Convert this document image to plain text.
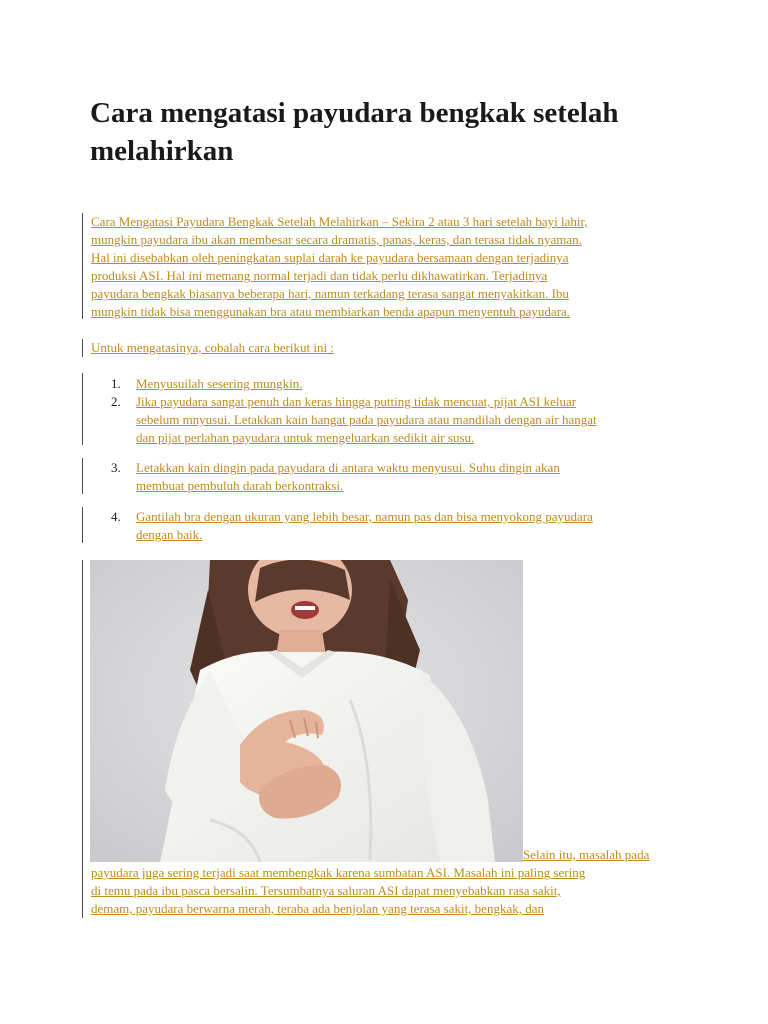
Cara mengatasi payudara bengkak setelah melahirkan
Cara Mengatasi Payudara Bengkak Setelah Melahirkan – Sekira 2 atau 3 hari setelah bayi lahir,
mungkin payudara ibu akan membesar secara dramatis, panas, keras, dan terasa tidak nyaman.
Hal ini disebabkan oleh peningkatan suplai darah ke payudara bersamaan dengan terjadinya
produksi ASI. Hal ini memang normal terjadi dan tidak perlu dikhawatirkan. Terjadinya
payudara bengkak biasanya beberapa hari, namun terkadang terasa sangat menyakitkan. Ibu
mungkin tidak bisa menggunakan bra atau membiarkan benda apapun menyentuh payudara.
Untuk mengatasinya, cobalah cara berikut ini :
1. Menyusuilah sesering mungkin.
2. Jika payudara sangat penuh dan keras hingga putting tidak mencuat, pijat ASI keluar
sebelum mnyusui. Letakkan kain hangat pada payudara atau mandilah dengan air hangat
dan pijat perlahan payudara untuk mengeluarkan sedikit air susu.
3. Letakkan kain dingin pada payudara di antara waktu menyusui. Suhu dingin akan
membuat pembuluh darah berkontraksi.
4. Gantilah bra dengan ukuran yang lebih besar, namun pas dan bisa menyokong payudara
dengan baik.
Selain itu, masalah pada
payudara juga sering terjadi saat membengkak karena sumbatan ASI. Masalah ini paling sering
di temu pada ibu pasca bersalin. Tersumbatnya saluran ASI dapat menyebabkan rasa sakit,
demam, payudara berwarna merah, teraba ada benjolan yang terasa sakit, bengkak, dan
